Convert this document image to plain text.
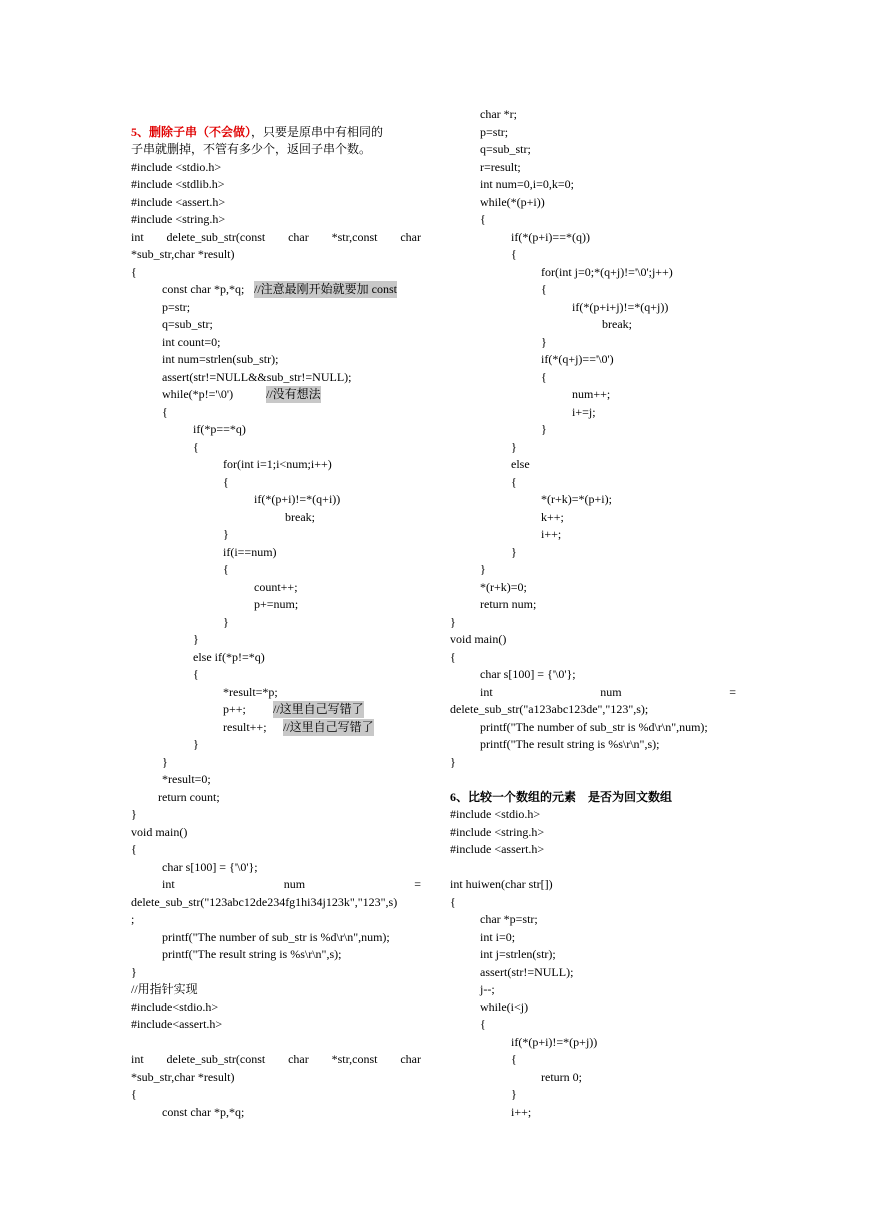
5、删除子串（不会做），只要是原串中有相同的
子串就删掉，不管有多少个，返回子串个数。
#include <stdio.h>
#include <stdlib.h>
#include <assert.h>
#include <string.h>
int delete_sub_str(const char *str,const char
*sub_str,char *result)
{
const char *p,*q; //注意最刚开始就要加 const
p=str;
q=sub_str;
int count=0;
int num=strlen(sub_str);
assert(str!=NULL&&sub_str!=NULL);
while(*p!='\0')	//没有想法
{
if(*p==*q)
{
for(int i=1;i<num;i++)
{
if(*(p+i)!=*(q+i))
break;
}
if(i==num)
{
count++;
p+=num;
}
}
else if(*p!=*q)
{
*result=*p;
p++; //这里自己写错了
result++; //这里自己写错了
}
}
*result=0;
return count;
}
void main()
{
char s[100] = {'\0'};
int num =
delete_sub_str("123abc12de234fg1hi34j123k","123",s)
;
printf("The number of sub_str is %d\r\n",num);
printf("The result string is %s\r\n",s);
}
//用指针实现
#include<stdio.h>
#include<assert.h>
int delete_sub_str(const char *str,const char
*sub_str,char *result)
{
const char *p,*q;
char *r;
p=str;
q=sub_str;
r=result;
int num=0,i=0,k=0;
while(*(p+i))
{
if(*(p+i)==*(q))
{
for(int j=0;*(q+j)!='\0';j++)
{
if(*(p+i+j)!=*(q+j))
break;
}
if(*(q+j)=='\0')
{
num++;
i+=j;
}
}
else
{
*(r+k)=*(p+i);
k++;
i++;
}
}
*(r+k)=0;
return num;
}
void main()
{
char s[100] = {'\0'};
int num =
delete_sub_str("a123abc123de","123",s);
printf("The number of sub_str is %d\r\n",num);
printf("The result string is %s\r\n",s);
}
6、比较一个数组的元素　是否为回文数组
#include <stdio.h>
#include <string.h>
#include <assert.h>
int huiwen(char str[])
{
char *p=str;
int i=0;
int j=strlen(str);
assert(str!=NULL);
j--;
while(i<j)
{
if(*(p+i)!=*(p+j))
{
return 0;
}
i++;
